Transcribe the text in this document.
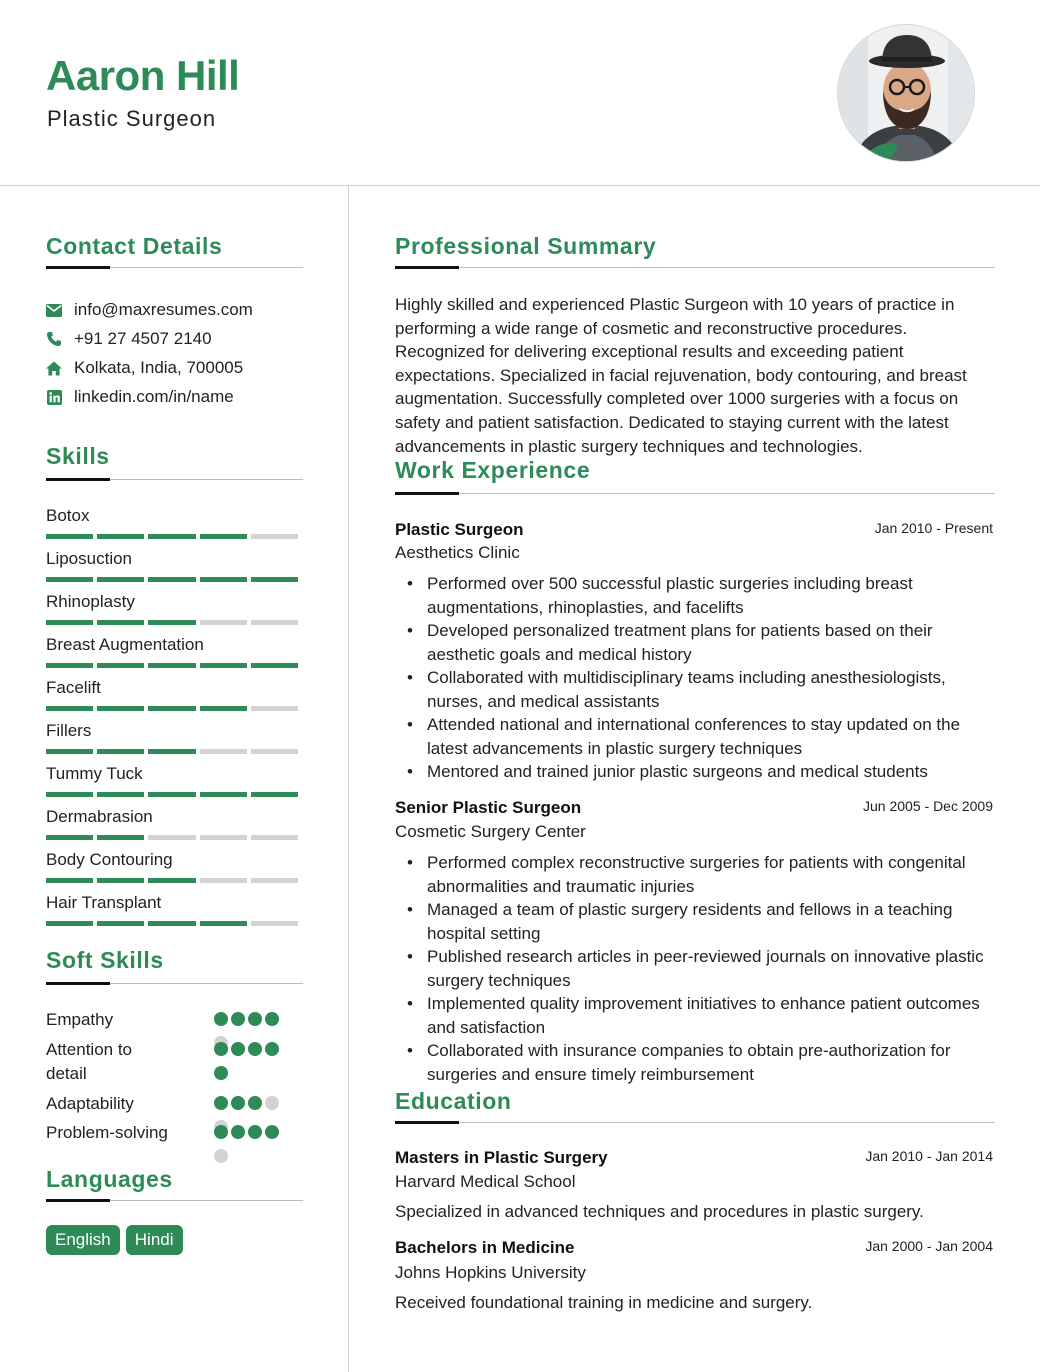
Aaron Hill
Plastic Surgeon
Contact Details
info@maxresumes.com
+91 27 4507 2140
Kolkata, India, 700005
linkedin.com/in/name
Skills
Botox
Liposuction
Rhinoplasty
Breast Augmentation
Facelift
Fillers
Tummy Tuck
Dermabrasion
Body Contouring
Hair Transplant
Soft Skills
Empathy
Attention to detail
Adaptability
Problem-solving
Languages
English	Hindi
Professional Summary
Highly skilled and experienced Plastic Surgeon with 10 years of practice in performing a wide range of cosmetic and reconstructive procedures. Recognized for delivering exceptional results and exceeding patient expectations. Specialized in facial rejuvenation, body contouring, and breast augmentation. Successfully completed over 1000 surgeries with a focus on safety and patient satisfaction. Dedicated to staying current with the latest advancements in plastic surgery techniques and technologies.
Work Experience
Plastic Surgeon	Jan 2010 - Present
Aesthetics Clinic
• Performed over 500 successful plastic surgeries including breast augmentations, rhinoplasties, and facelifts
• Developed personalized treatment plans for patients based on their aesthetic goals and medical history
• Collaborated with multidisciplinary teams including anesthesiologists, nurses, and medical assistants
• Attended national and international conferences to stay updated on the latest advancements in plastic surgery techniques
• Mentored and trained junior plastic surgeons and medical students
Senior Plastic Surgeon	Jun 2005 - Dec 2009
Cosmetic Surgery Center
• Performed complex reconstructive surgeries for patients with congenital abnormalities and traumatic injuries
• Managed a team of plastic surgery residents and fellows in a teaching hospital setting
• Published research articles in peer-reviewed journals on innovative plastic surgery techniques
• Implemented quality improvement initiatives to enhance patient outcomes and satisfaction
• Collaborated with insurance companies to obtain pre-authorization for surgeries and ensure timely reimbursement
Education
Masters in Plastic Surgery	Jan 2010 - Jan 2014
Harvard Medical School
Specialized in advanced techniques and procedures in plastic surgery.
Bachelors in Medicine	Jan 2000 - Jan 2004
Johns Hopkins University
Received foundational training in medicine and surgery.
